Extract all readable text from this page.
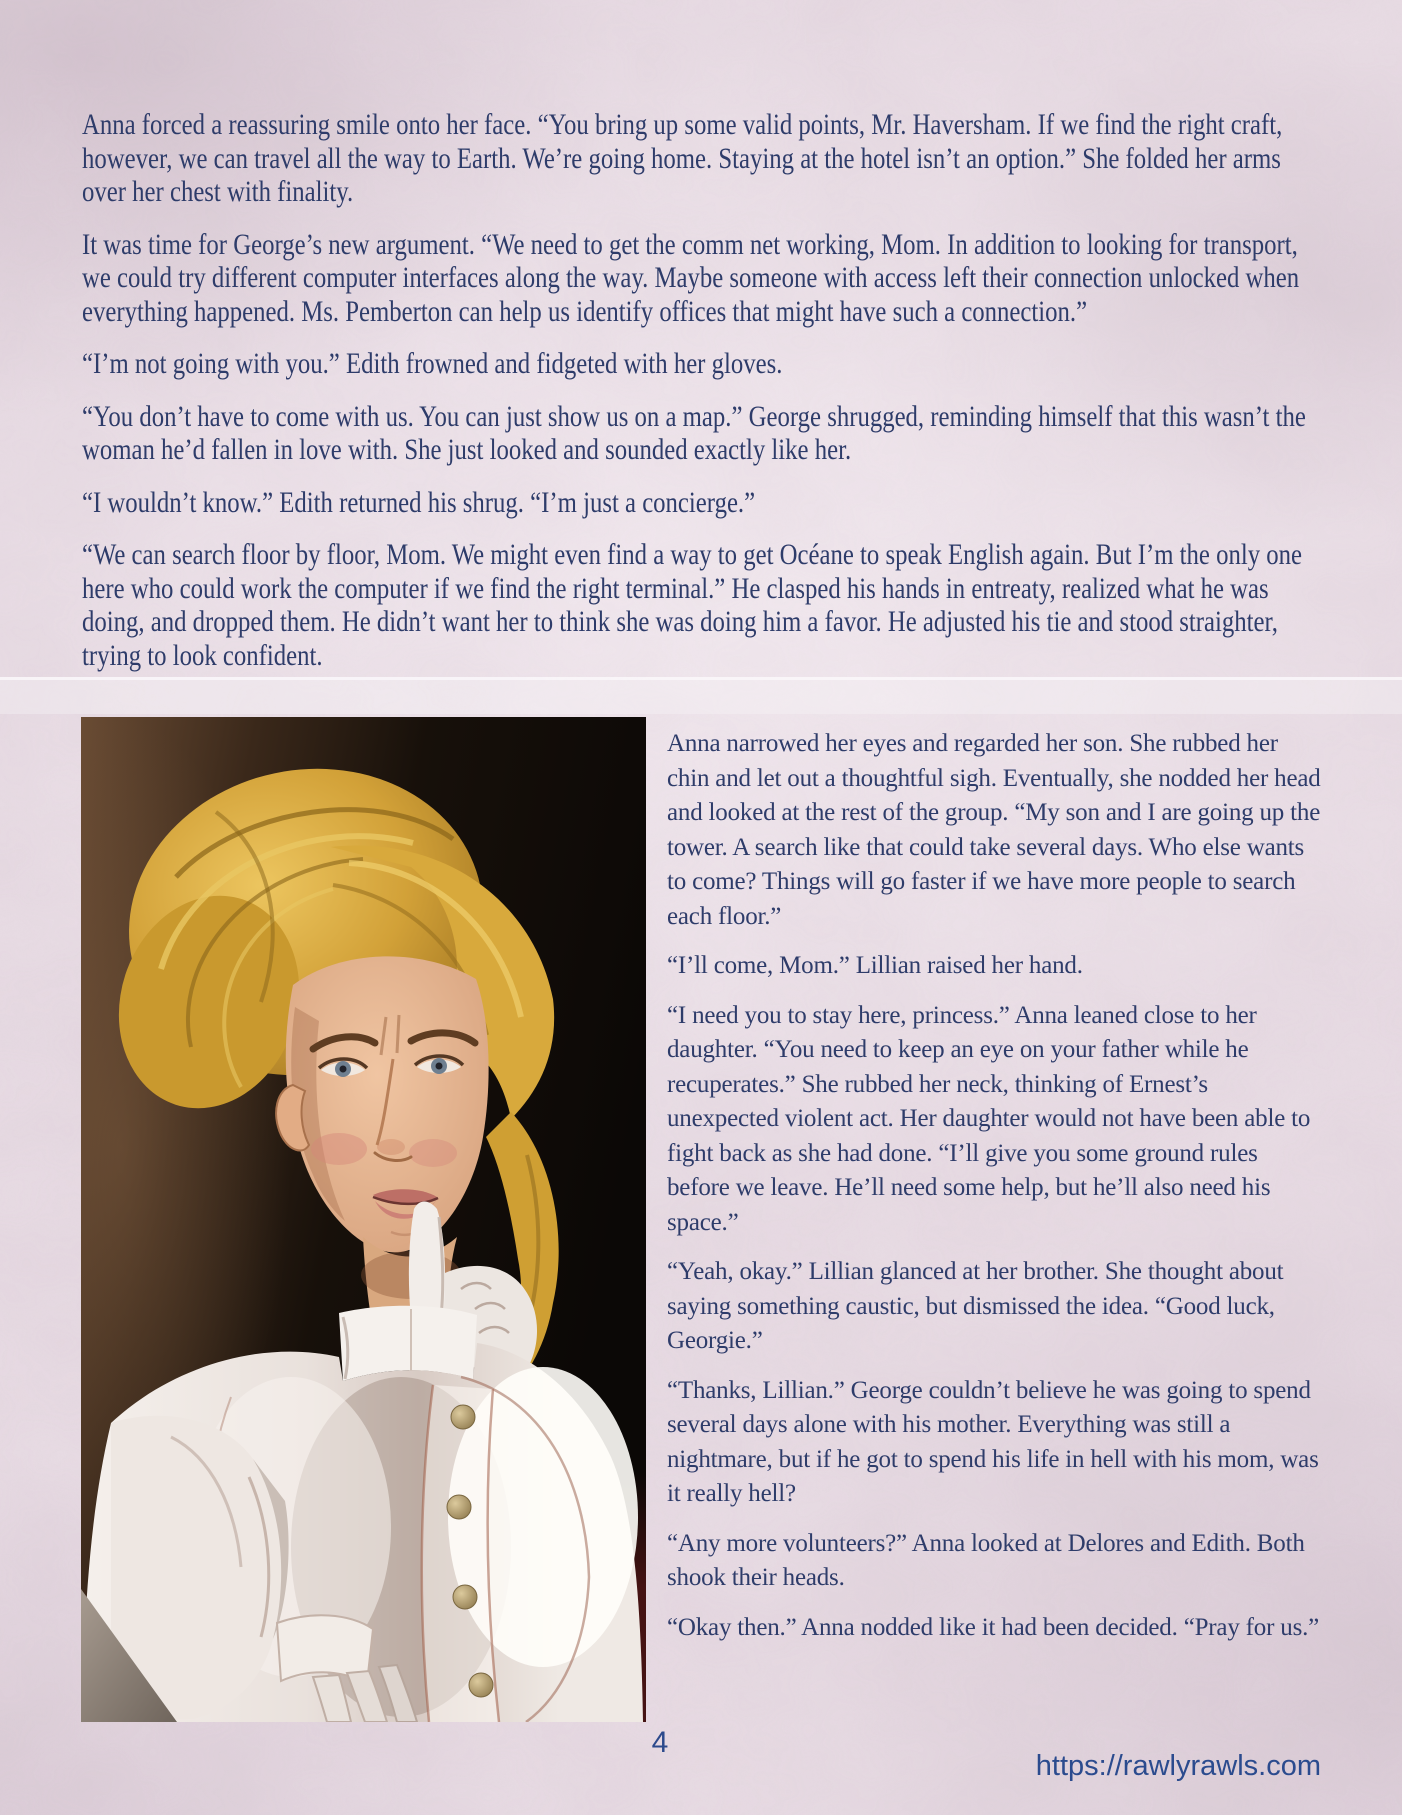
Anna forced a reassuring smile onto her face. “You bring up some valid points, Mr. Haversham. If we find the right craft, however, we can travel all the way to Earth. We’re going home. Staying at the hotel isn’t an option.” She folded her arms over her chest with finality.

It was time for George’s new argument. “We need to get the comm net working, Mom. In addition to looking for transport, we could try different computer interfaces along the way. Maybe someone with access left their connection unlocked when everything happened. Ms. Pemberton can help us identify offices that might have such a connection.”

“I’m not going with you.” Edith frowned and fidgeted with her gloves.

“You don’t have to come with us. You can just show us on a map.” George shrugged, reminding himself that this wasn’t the woman he’d fallen in love with. She just looked and sounded exactly like her.

“I wouldn’t know.” Edith returned his shrug. “I’m just a concierge.”

“We can search floor by floor, Mom. We might even find a way to get Océane to speak English again. But I’m the only one here who could work the computer if we find the right terminal.” He clasped his hands in entreaty, realized what he was doing, and dropped them. He didn’t want her to think she was doing him a favor. He adjusted his tie and stood straighter, trying to look confident.

Anna narrowed her eyes and regarded her son. She rubbed her chin and let out a thoughtful sigh. Eventually, she nodded her head and looked at the rest of the group. “My son and I are going up the tower. A search like that could take several days. Who else wants to come? Things will go faster if we have more people to search each floor.”

“I’ll come, Mom.” Lillian raised her hand.

“I need you to stay here, princess.” Anna leaned close to her daughter. “You need to keep an eye on your father while he recuperates.” She rubbed her neck, thinking of Ernest’s unexpected violent act. Her daughter would not have been able to fight back as she had done. “I’ll give you some ground rules before we leave. He’ll need some help, but he’ll also need his space.”

“Yeah, okay.” Lillian glanced at her brother. She thought about saying something caustic, but dismissed the idea. “Good luck, Georgie.”

“Thanks, Lillian.” George couldn’t believe he was going to spend several days alone with his mother. Everything was still a nightmare, but if he got to spend his life in hell with his mom, was it really hell?

“Any more volunteers?” Anna looked at Delores and Edith. Both shook their heads.

“Okay then.” Anna nodded like it had been decided. “Pray for us.”

4
https://rawlyrawls.com
